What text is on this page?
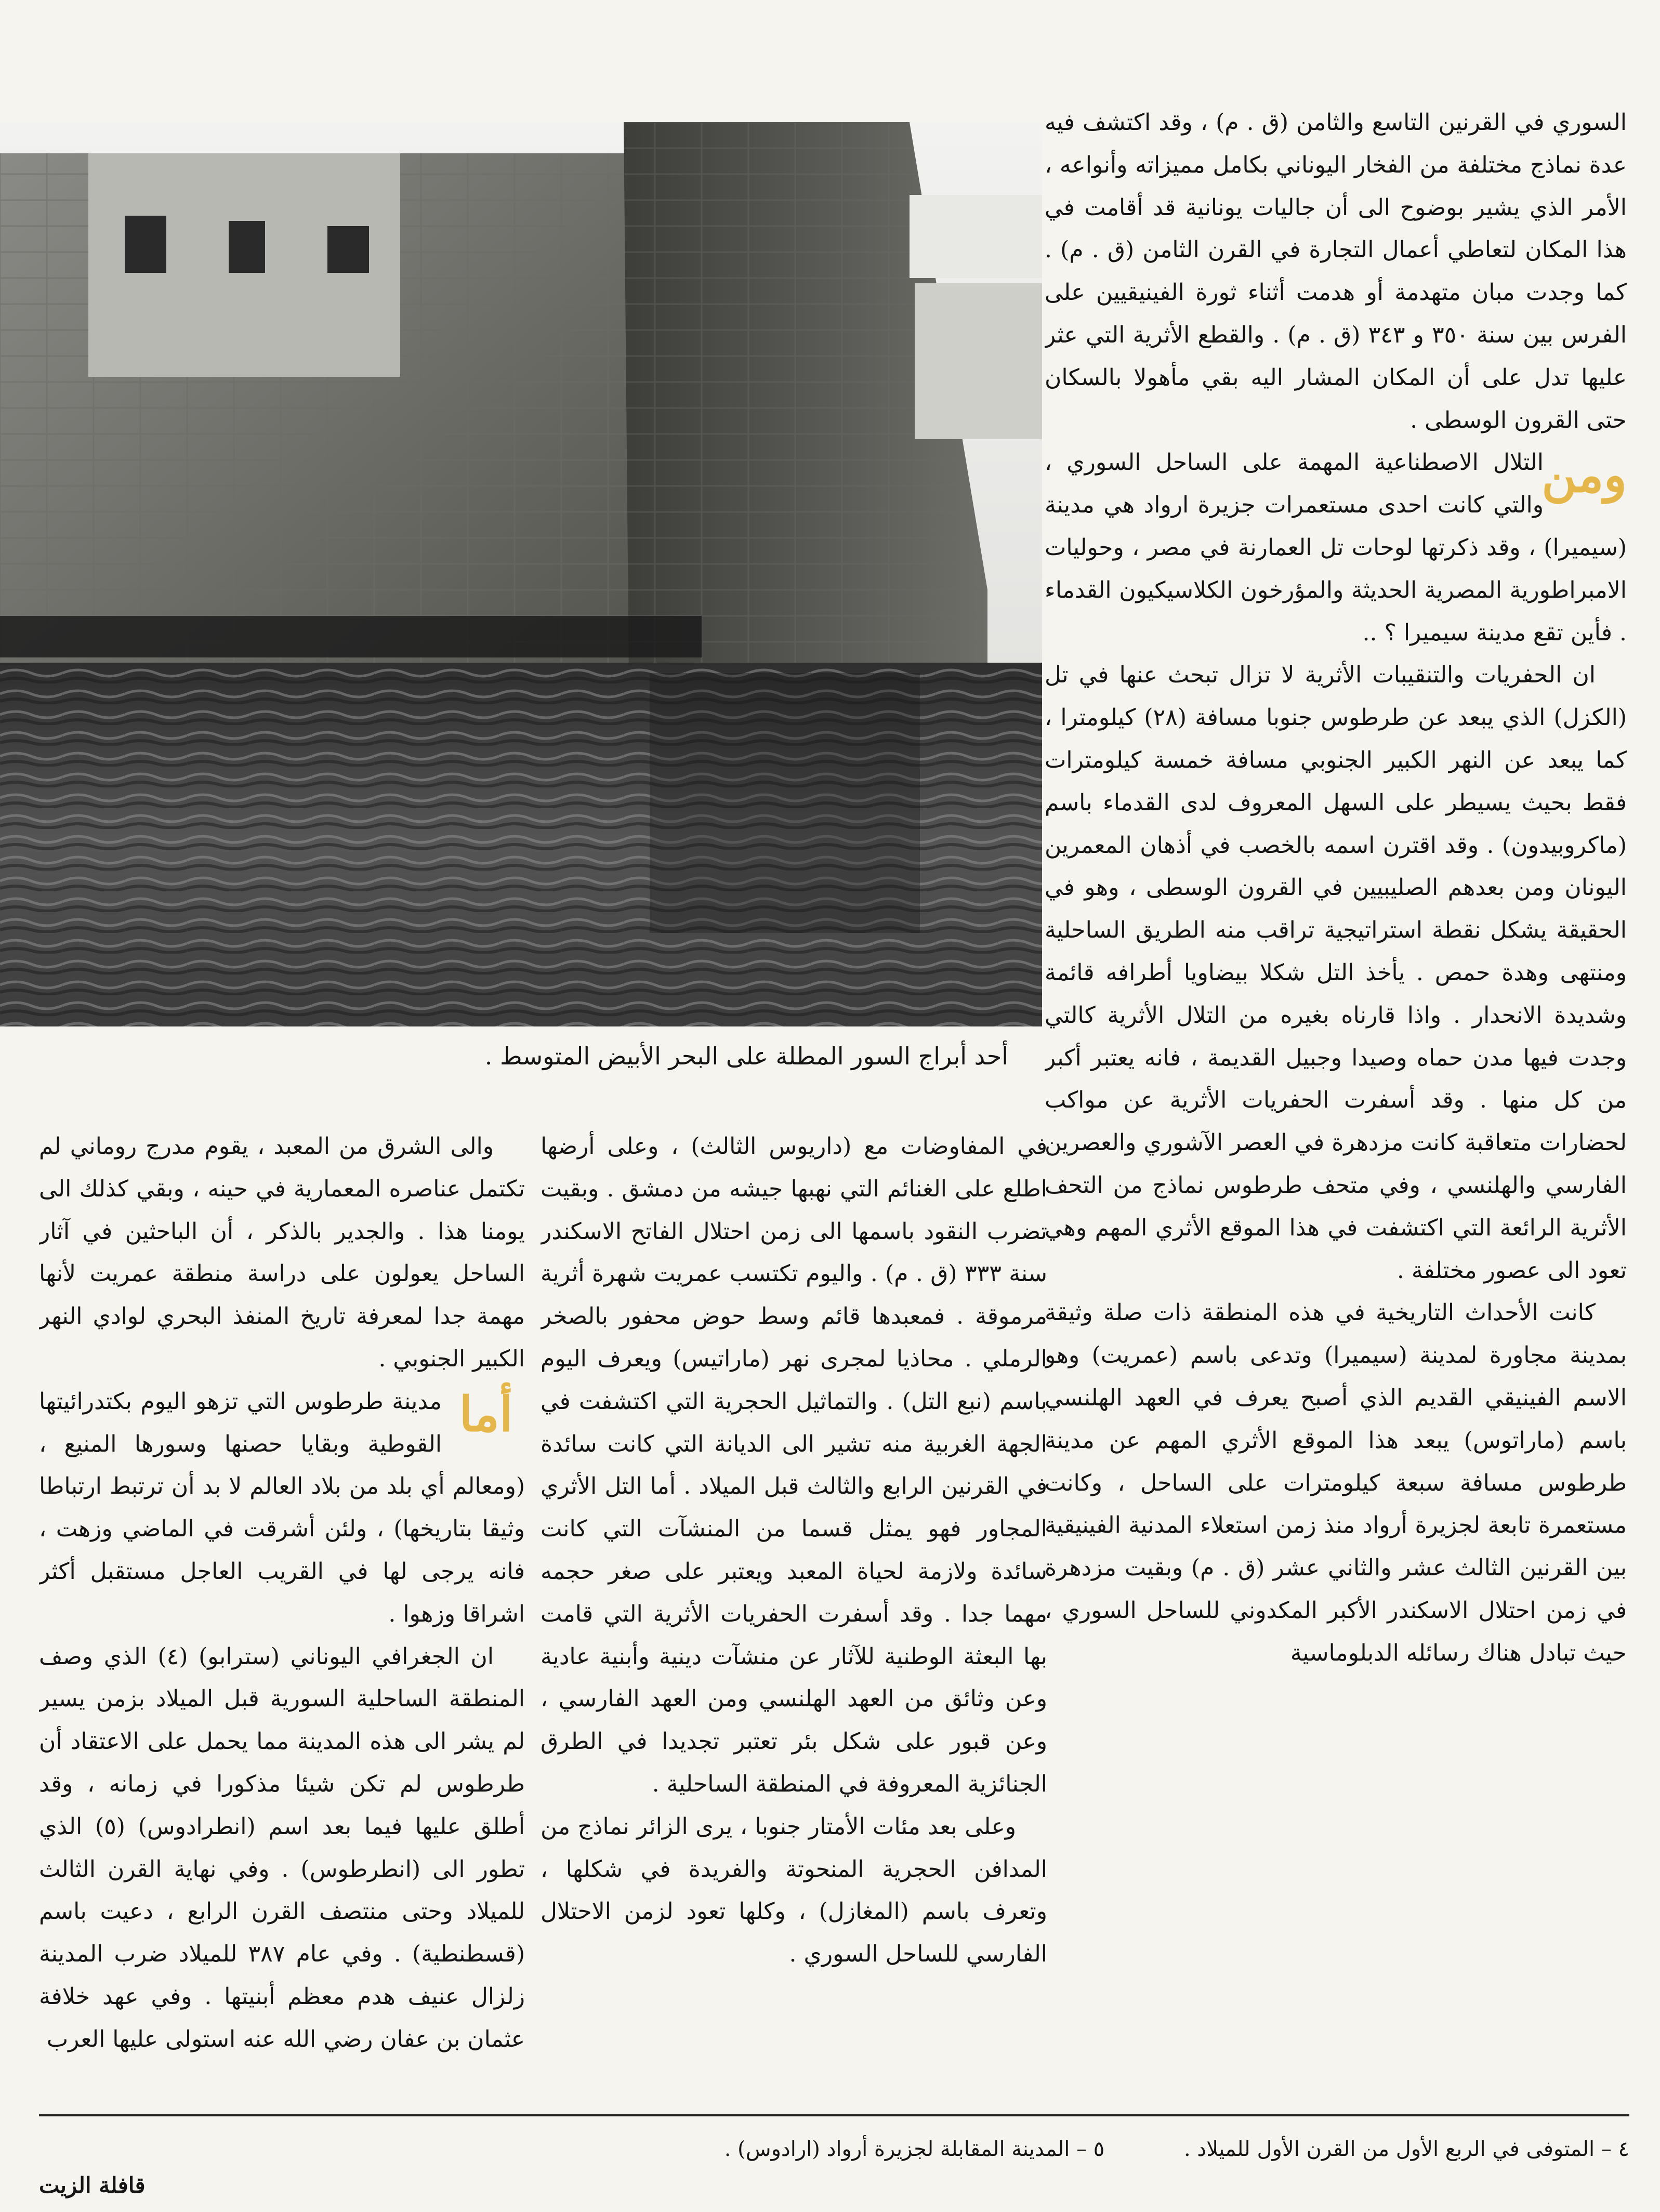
أحد أبراج السور المطلة على البحر الأبيض المتوسط .

السوري في القرنين التاسع والثامن (ق . م) ، وقد اكتشف فيه عدة نماذج مختلفة من الفخار اليوناني بكامل مميزاته وأنواعه ، الأمر الذي يشير بوضوح الى أن جاليات يونانية قد أقامت في هذا المكان لتعاطي أعمال التجارة في القرن الثامن (ق . م) . كما وجدت مبان متهدمة أو هدمت أثناء ثورة الفينيقيين على الفرس بين سنة ٣٥٠ و ٣٤٣ (ق . م) . والقطع الأثرية التي عثر عليها تدل على أن المكان المشار اليه بقي مأهولا بالسكان حتى القرون الوسطى .

ومن
التلال الاصطناعية المهمة على الساحل السوري ، والتي كانت احدى مستعمرات جزيرة ارواد هي مدينة (سيميرا) ، وقد ذكرتها لوحات تل العمارنة في مصر ، وحوليات الامبراطورية المصرية الحديثة والمؤرخون الكلاسيكيون القدماء . فأين تقع مدينة سيميرا ؟ ..

ان الحفريات والتنقيبات الأثرية لا تزال تبحث عنها في تل (الكزل) الذي يبعد عن طرطوس جنوبا مسافة (٢٨) كيلومترا ، كما يبعد عن النهر الكبير الجنوبي مسافة خمسة كيلومترات فقط بحيث يسيطر على السهل المعروف لدى القدماء باسم (ماكروبيدون) . وقد اقترن اسمه بالخصب في أذهان المعمرين اليونان ومن بعدهم الصليبيين في القرون الوسطى ، وهو في الحقيقة يشكل نقطة استراتيجية تراقب منه الطريق الساحلية ومنتهى وهدة حمص . يأخذ التل شكلا بيضاويا أطرافه قائمة وشديدة الانحدار . واذا قارناه بغيره من التلال الأثرية كالتي وجدت فيها مدن حماه وصيدا وجبيل القديمة ، فانه يعتبر أكبر من كل منها . وقد أسفرت الحفريات الأثرية عن مواكب لحضارات متعاقبة كانت مزدهرة في العصر الآشوري والعصرين الفارسي والهلنسي ، وفي متحف طرطوس نماذج من التحف الأثرية الرائعة التي اكتشفت في هذا الموقع الأثري المهم وهي تعود الى عصور مختلفة .

كانت الأحداث التاريخية في هذه المنطقة ذات صلة وثيقة بمدينة مجاورة لمدينة (سيميرا) وتدعى باسم (عمريت) وهو الاسم الفينيقي القديم الذي أصبح يعرف في العهد الهلنسي باسم (ماراتوس) يبعد هذا الموقع الأثري المهم عن مدينة طرطوس مسافة سبعة كيلومترات على الساحل ، وكانت مستعمرة تابعة لجزيرة أرواد منذ زمن استعلاء المدنية الفينيقية بين القرنين الثالث عشر والثاني عشر (ق . م) وبقيت مزدهرة في زمن احتلال الاسكندر الأكبر المكدوني للساحل السوري ، حيث تبادل هناك رسائله الدبلوماسية

في المفاوضات مع (داريوس الثالث) ، وعلى أرضها اطلع على الغنائم التي نهبها جيشه من دمشق . وبقيت تضرب النقود باسمها الى زمن احتلال الفاتح الاسكندر سنة ٣٣٣ (ق . م) . واليوم تكتسب عمريت شهرة أثرية مرموقة . فمعبدها قائم وسط حوض محفور بالصخر الرملي . محاذيا لمجرى نهر (ماراتيس) ويعرف اليوم باسم (نبع التل) . والتماثيل الحجرية التي اكتشفت في الجهة الغربية منه تشير الى الديانة التي كانت سائدة في القرنين الرابع والثالث قبل الميلاد . أما التل الأثري المجاور فهو يمثل قسما من المنشآت التي كانت سائدة ولازمة لحياة المعبد ويعتبر على صغر حجمه مهما جدا . وقد أسفرت الحفريات الأثرية التي قامت بها البعثة الوطنية للآثار عن منشآت دينية وأبنية عادية وعن وثائق من العهد الهلنسي ومن العهد الفارسي ، وعن قبور على شكل بئر تعتبر تجديدا في الطرق الجنائزية المعروفة في المنطقة الساحلية .

وعلى بعد مئات الأمتار جنوبا ، يرى الزائر نماذج من المدافن الحجرية المنحوتة والفريدة في شكلها ، وتعرف باسم (المغازل) ، وكلها تعود لزمن الاحتلال الفارسي للساحل السوري .

والى الشرق من المعبد ، يقوم مدرج روماني لم تكتمل عناصره المعمارية في حينه ، وبقي كذلك الى يومنا هذا . والجدير بالذكر ، أن الباحثين في آثار الساحل يعولون على دراسة منطقة عمريت لأنها مهمة جدا لمعرفة تاريخ المنفذ البحري لوادي النهر الكبير الجنوبي .

أما
مدينة طرطوس التي تزهو اليوم بكتدرائيتها القوطية وبقايا حصنها وسورها المنيع ، (ومعالم أي بلد من بلاد العالم لا بد أن ترتبط ارتباطا وثيقا بتاريخها) ، ولئن أشرقت في الماضي وزهت ، فانه يرجى لها في القريب العاجل مستقبل أكثر اشراقا وزهوا .

ان الجغرافي اليوناني (سترابو) (٤) الذي وصف المنطقة الساحلية السورية قبل الميلاد بزمن يسير لم يشر الى هذه المدينة مما يحمل على الاعتقاد أن طرطوس لم تكن شيئا مذكورا في زمانه ، وقد أطلق عليها فيما بعد اسم (انطرادوس) (٥) الذي تطور الى (انطرطوس) . وفي نهاية القرن الثالث للميلاد وحتى منتصف القرن الرابع ، دعيت باسم (قسطنطية) . وفي عام ٣٨٧ للميلاد ضرب المدينة زلزال عنيف هدم معظم أبنيتها . وفي عهد خلافة عثمان بن عفان رضي الله عنه استولى عليها العرب

٤ – المتوفى في الربع الأول من القرن الأول للميلاد . ٥ – المدينة المقابلة لجزيرة أرواد (ارادوس) .
قافلة الزيت
